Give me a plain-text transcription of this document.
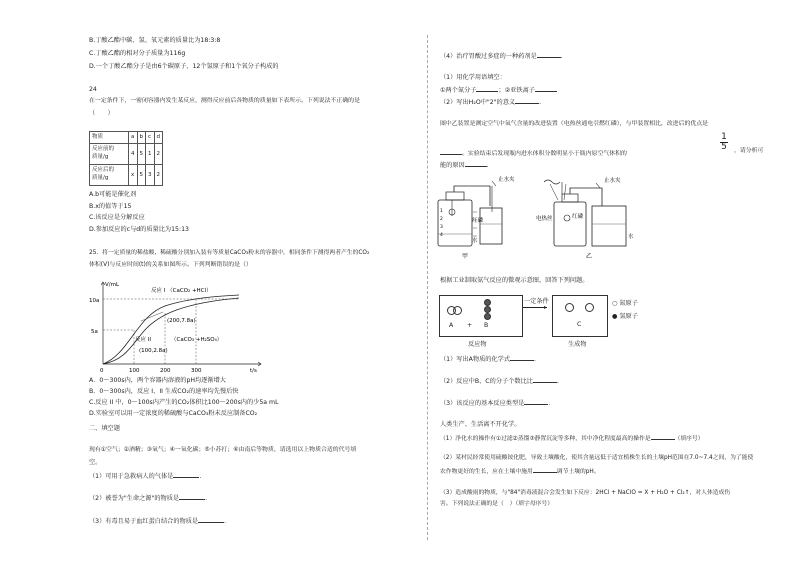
B.丁酸乙酯中碳、氢、氧元素的质量比为18:3:8
C.丁酸乙酯的相对分子质量为116g
D.一个丁酸乙酯分子是由6个碳原子、12个氢原子和1个氧分子构成的
24
在一定条件下，一密闭容器内发生某反应，测得反应前后各物质的质量如下表所示。下列说法不正确的是
（　　）
物质	a	b	c	d
反应前的
质量/g	4	5	1	2
反应后的
质量/g	x	5	3	2
A.b可能是催化剂
B.x的值等于15
C.该反应是分解反应
D.参加反应的c与d的质量比为15:13
25．将一定质量的稀盐酸、稀硫酸分别加入装有等质量CaCO₃粉末的容器中，相同条件下测得两者产生的CO₂
体积(V)与反应时间(t)的关系如图所示。下列判断错误的是（）
10a
5a
V/mL
t/s
0	100	200	300
反应 I （CaCO₂ +HCl）
(200,7.8a)
反应 II	（CaCO₃ +H₂SO₄）
(100,2.8a)
A．0～300s内，两个容器内溶液的pH均逐渐增大
B．0～300s内，反应 I、II 生成CO₂的速率均先慢后快
C.反应 II 中，0～100s内产生的CO₂体积比100～200s内的少5a mL
D.实验室可以用一定浓度的稀硫酸与CaCO₃粉末反应制备CO₂
二、填空题
现有①空气；②酒精；③氧气；④一氧化碳；⑤小苏打；⑥由南后等物质，请选用以上物质合适的代号填
空。
（1）可用于急救病人的气体是	.
（2）被誉为"生命之源"的物质是	.
（3）有毒且易于血红蛋白结合的物质是	.
（4）治疗胃酸过多症的一种药剂是	.
（1）用化学用语填空：
①两个氮分子	；②亚铁离子
（2）写出H₂O中"2"的意义	.
图中乙装置是测定空气中氧气含量的改进装置（电热丝通电引燃红磷），与甲装置相比，改进后的优点是
。实验结束后发现瓶内进水体积分数明显小于瓶内原空气体积的
1
5 ，请分析可
能的原因	.
止水夹
红磷
水
1
2
3
4
甲
止水夹
电热丝	红磷
水
乙
根据工业制取氨气反应的微观示意图，回答下列问题。
A + B
一定条件
▸
C
○ 氮原子
● 氢原子
反应物	生成物
（1）写出A物质的化学式	.
（2）反应中B、C的分子个数比比	.
（3）该反应的基本反应类型是	.
人类生产、生活离不开化学。
（1）净化水的操作有①过滤②蒸馏③静置沉淀等多种，其中净化程度最高的操作是	（填序号）
（2）某村民经常使用硫酸铵化肥，导致土壤酸化，使其含量远低于适宜植株生长的土壤pH范围在7.0~7.4之间，为了能使
农作物更好的生长，应在土壤中施用	调节土壤的pH。
（3）造成酸雨的物质，与"84"消毒液混合会发生如下反应：2HCl + NaClO = X + H₂O + Cl₂↑，对人体造成伤
害。下列说法正确的是（　）（填字母序号）
